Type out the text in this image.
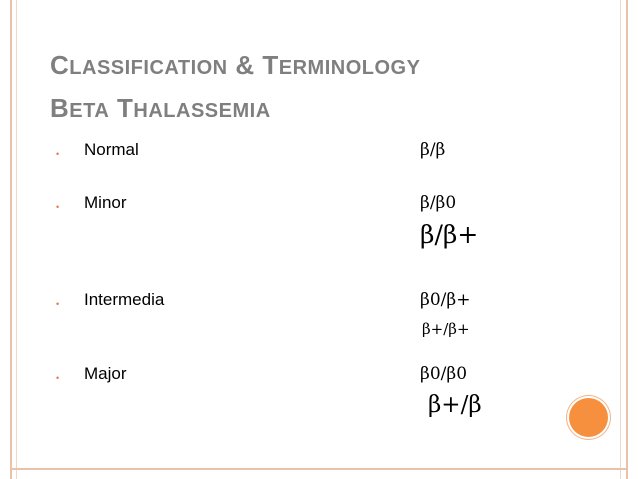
CLASSIFICATION & TERMINOLOGY
BETA THALASSEMIA
• Normal	β/β
• Minor	β/β0
β/β+
• Intermedia	β0/β+
β+/β+
• Major	β0/β0
β+/β
